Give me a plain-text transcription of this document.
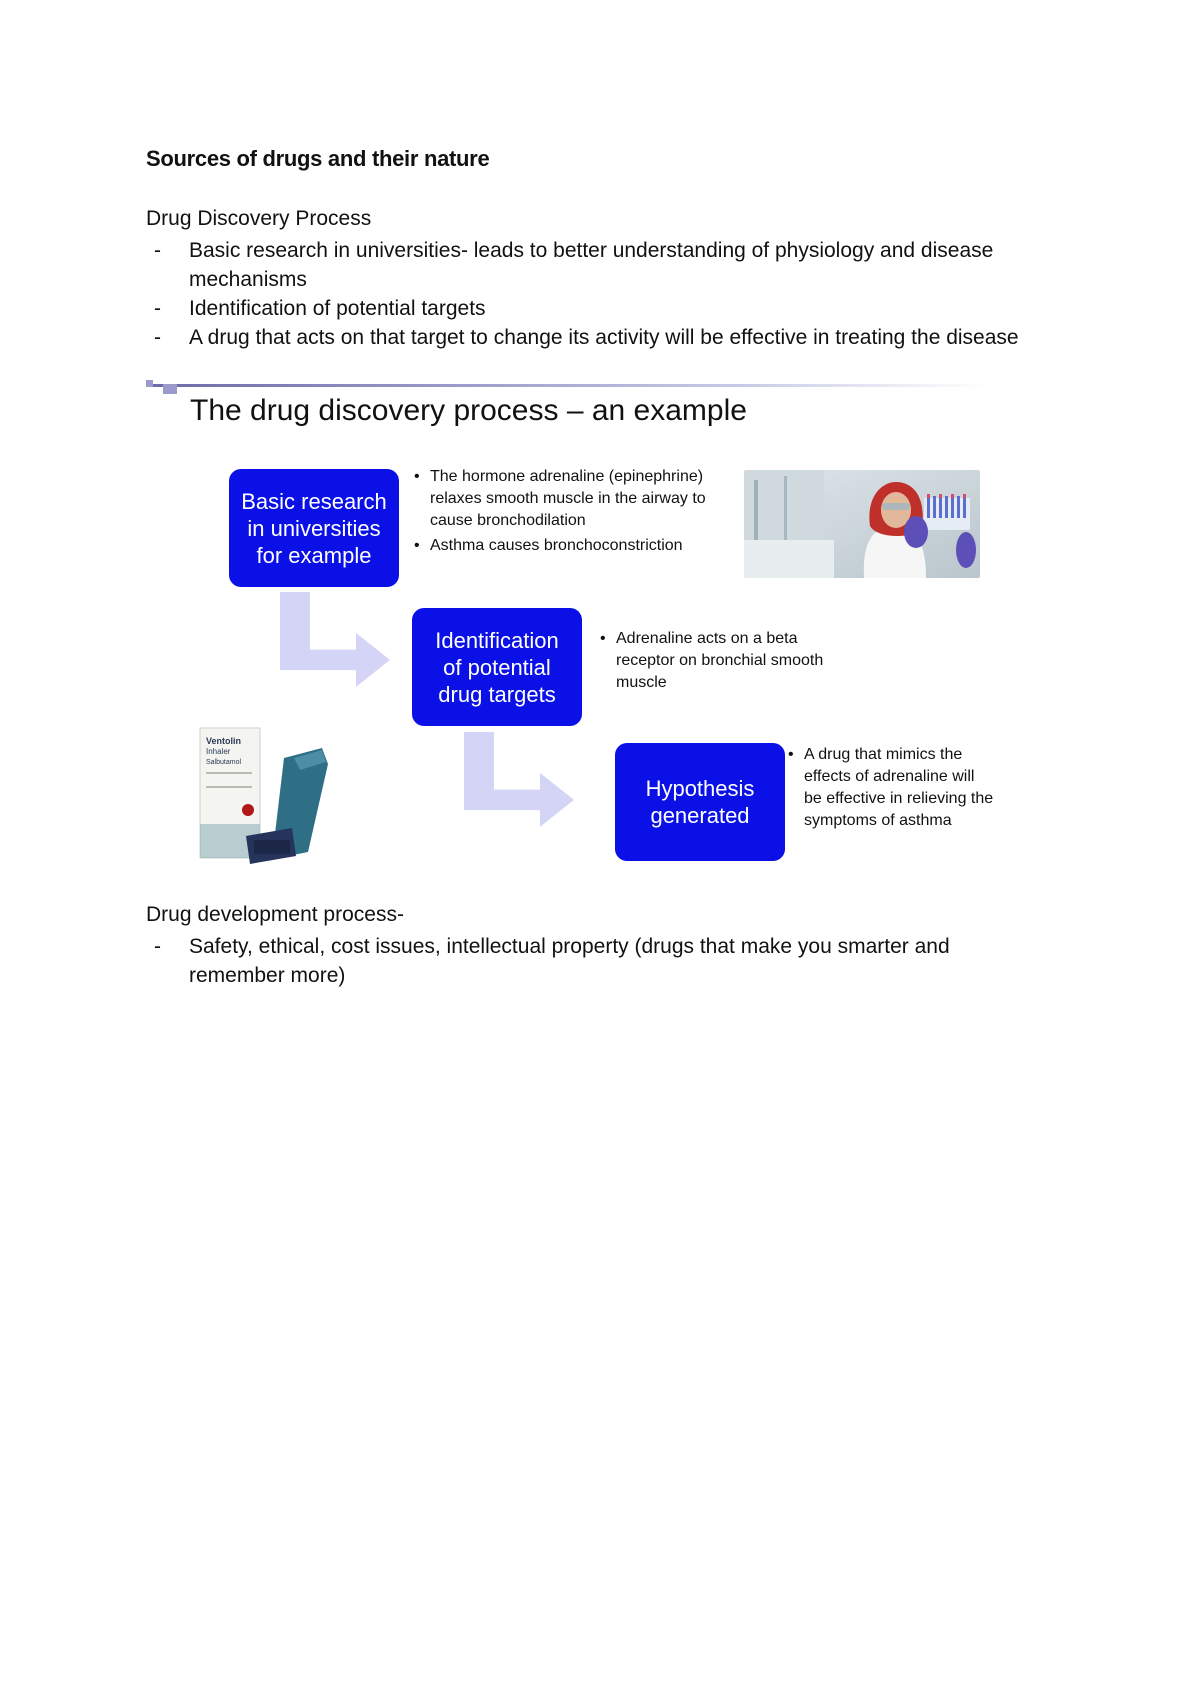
Sources of drugs and their nature
Drug Discovery Process
- Basic research in universities- leads to better understanding of physiology and disease mechanisms
- Identification of potential targets
- A drug that acts on that target to change its activity will be effective in treating the disease
The drug discovery process – an example
Basic research
in universities
for example
Identification
of potential
drug targets
Hypothesis
generated
• The hormone adrenaline (epinephrine) relaxes smooth muscle in the airway to cause bronchodilation
• Asthma causes bronchoconstriction
• Adrenaline acts on a beta receptor on bronchial smooth muscle
• A drug that mimics the effects of adrenaline will be effective in relieving the symptoms of asthma
Ventolin
Inhaler
Salbutamol
Drug development process-
- Safety, ethical, cost issues, intellectual property (drugs that make you smarter and remember more)
